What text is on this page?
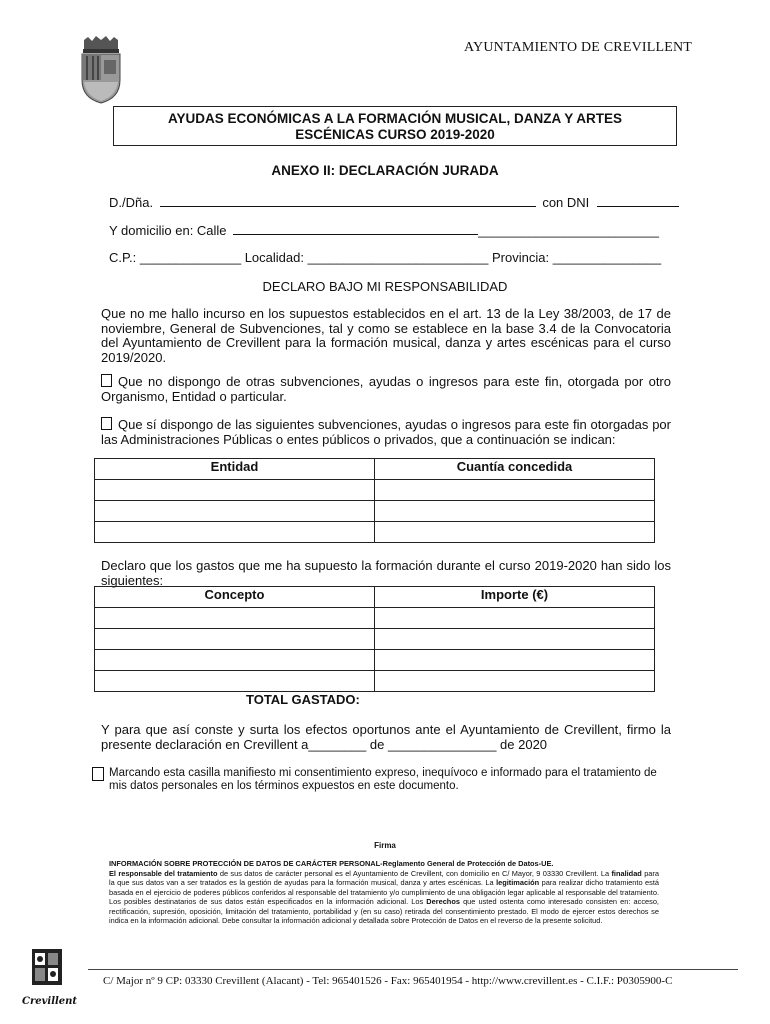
AYUNTAMIENTO DE CREVILLENT
AYUDAS ECONÓMICAS A LA FORMACIÓN MUSICAL, DANZA Y ARTES
ESCÉNICAS CURSO 2019-2020
ANEXO II: DECLARACIÓN JURADA
D./Dña.	con DNI
Y domicilio en: Calle	_________________________
C.P.: ______________ Localidad: _________________________ Provincia: _______________
DECLARO BAJO MI RESPONSABILIDAD
Que no me hallo incurso en los supuestos establecidos en el art. 13 de la Ley 38/2003, de 17 de noviembre, General de Subvenciones, tal y como se establece en la base 3.4 de la Convocatoria del Ayuntamiento de Crevillent para la formación musical, danza y artes escénicas para el curso 2019/2020.
Que no dispongo de otras subvenciones, ayudas o ingresos para este fin, otorgada por otro Organismo, Entidad o particular.
Que sí dispongo de las siguientes subvenciones, ayudas o ingresos para este fin otorgadas por las Administraciones Públicas o entes públicos o privados, que a continuación se indican:
Entidad	Cuantía concedida

Declaro que los gastos que me ha supuesto la formación durante el curso 2019-2020 han sido los siguientes:
Concepto	Importe (€)

TOTAL GASTADO:
Y para que así conste y surta los efectos oportunos ante el Ayuntamiento de Crevillent, firmo la presente declaración en Crevillent a________ de _______________ de 2020
Marcando esta casilla manifiesto mi consentimiento expreso, inequívoco e informado para el tratamiento de mis datos personales en los términos expuestos en este documento.
Firma
INFORMACIÓN SOBRE PROTECCIÓN DE DATOS DE CARÁCTER PERSONAL-Reglamento General de Protección de Datos-UE.
El responsable del tratamiento de sus datos de carácter personal es el Ayuntamiento de Crevillent, con domicilio en C/ Mayor, 9 03330 Crevillent. La finalidad para la que sus datos van a ser tratados es la gestión de ayudas para la formación musical, danza y artes escénicas. La legitimación para realizar dicho tratamiento está basada en el ejercicio de poderes públicos conferidos al responsable del tratamiento y/o cumplimiento de una obligación legar aplicable al responsable del tratamiento. Los posibles destinatarios de sus datos están especificados en la información adicional. Los Derechos que usted ostenta como interesado consisten en: acceso, rectificación, supresión, oposición, limitación del tratamiento, portabilidad y (en su caso) retirada del consentimiento prestado. El modo de ejercer estos derechos se indica en la información adicional. Debe consultar la información adicional y detallada sobre Protección de Datos en el reverso de la presente solicitud.
Crevillent
C/ Major nº 9 CP: 03330 Crevillent (Alacant) - Tel: 965401526 - Fax: 965401954 - http://www.crevillent.es - C.I.F.: P0305900-C
